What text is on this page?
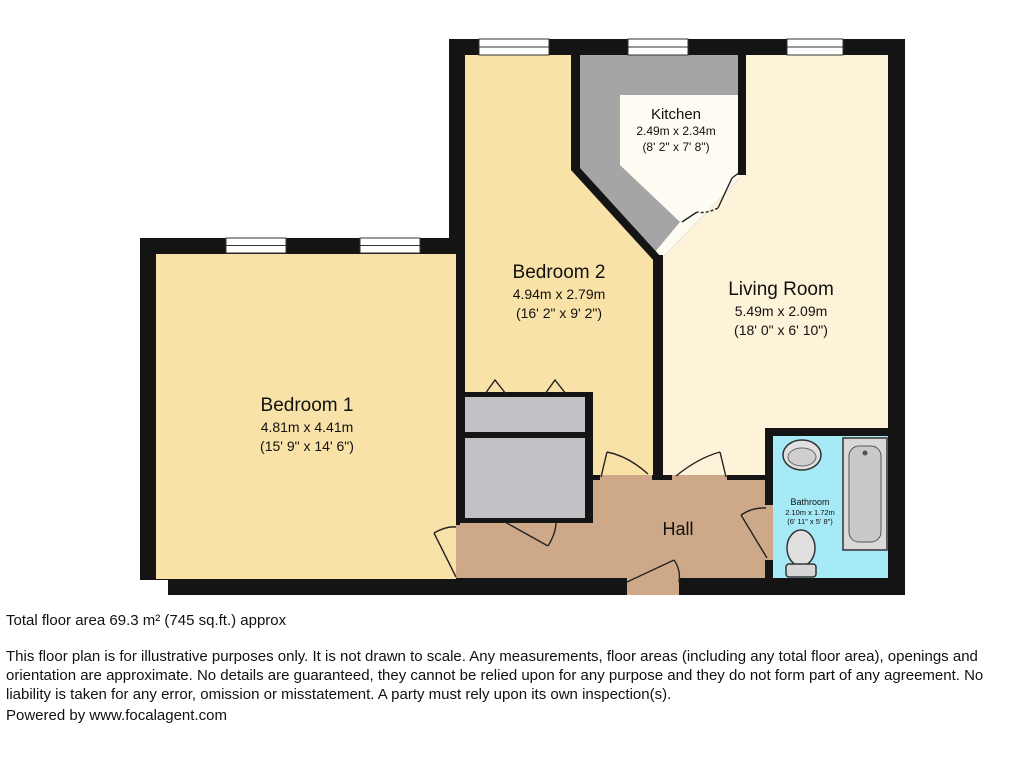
Kitchen
2.49m x 2.34m
(8' 2" x 7' 8")
Bedroom 2
4.94m x 2.79m
(16' 2" x 9' 2")
Living Room
5.49m x 2.09m
(18' 0" x 6' 10")
Bedroom 1
4.81m x 4.41m
(15' 9" x 14' 6")
Hall
Bathroom
2.10m x 1.72m
(6' 11" x 5' 8")
Total floor area 69.3 m² (745 sq.ft.) approx
This floor plan is for illustrative purposes only. It is not drawn to scale. Any measurements, floor areas (including any total floor area), openings and orientation are approximate. No details are guaranteed, they cannot be relied upon for any purpose and they do not form part of any agreement. No liability is taken for any error, omission or misstatement. A party must rely upon its own inspection(s).
Powered by www.focalagent.com
